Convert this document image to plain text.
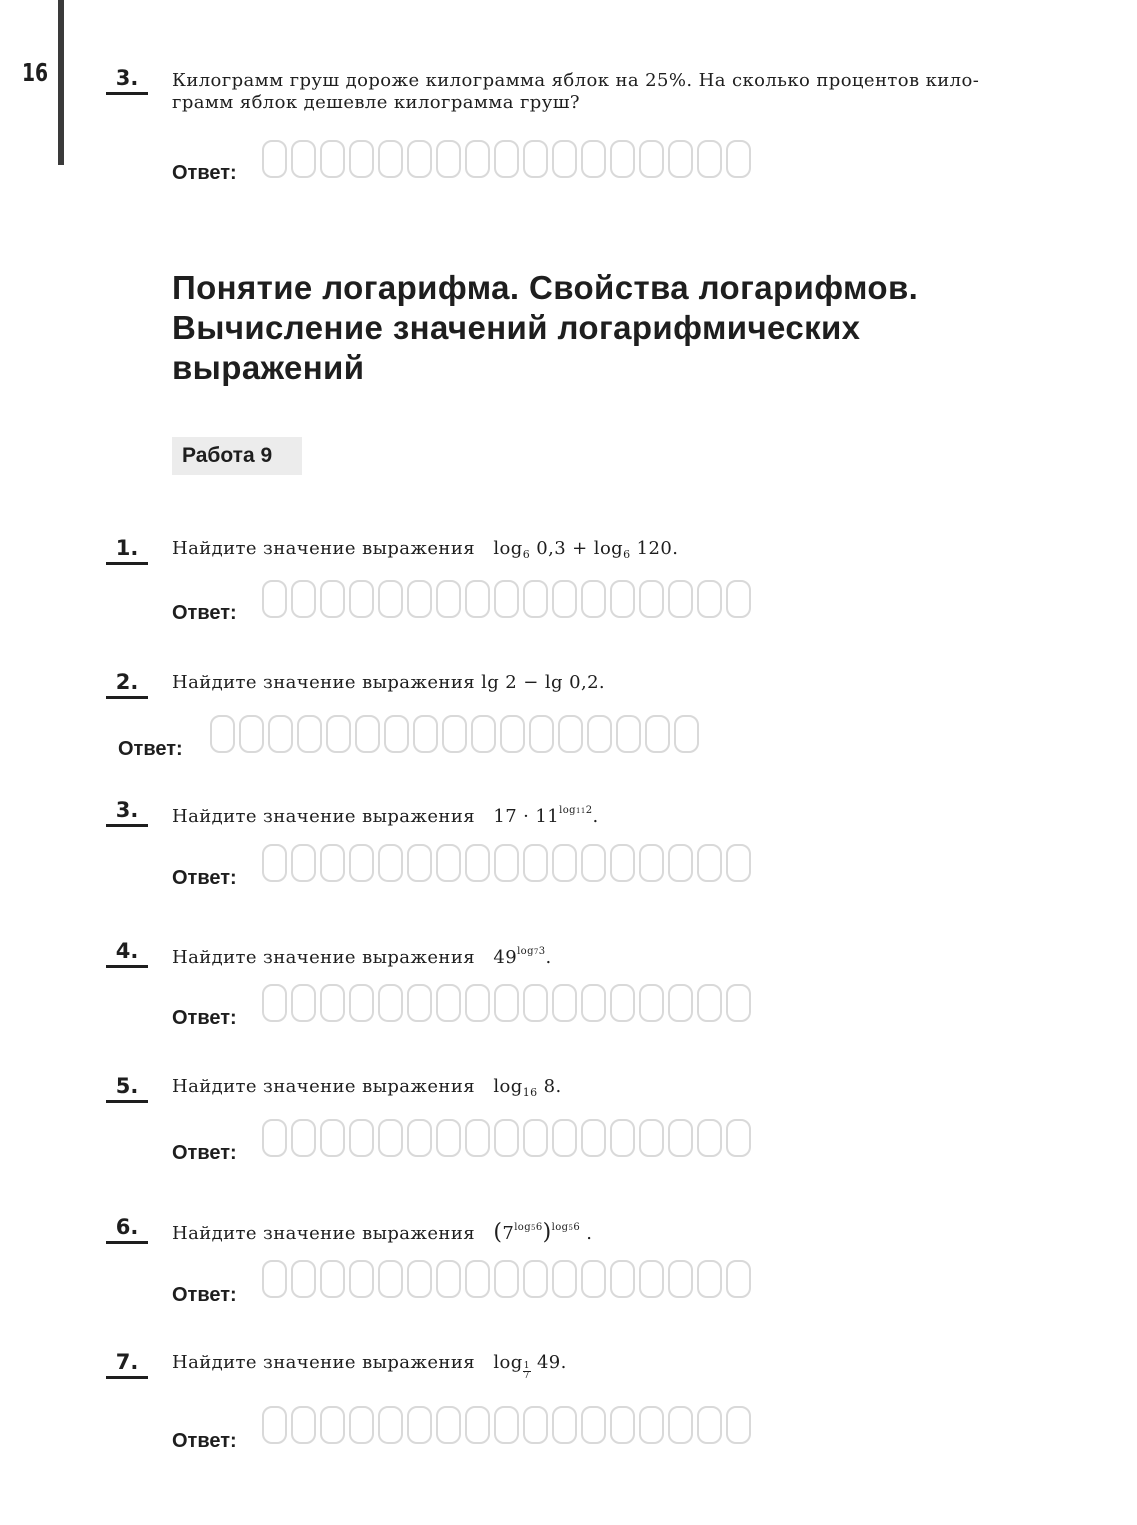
16	3.	Килограмм груш дороже килограмма яблок на 25%. На сколько процентов кило-
грамм яблок дешевле килограмма груш?
Ответ:
Понятие логарифма. Свойства логарифмов.
Вычисление значений логарифмических
выражений
Работа 9
1.	Найдите значение выражения $\log_6 0,3 + \log_6 120$.
Ответ:
2.	Найдите значение выражения lg 2 − lg 0,2.
Ответ:
3.	Найдите значение выражения $17 \cdot 11^{log112}$.
Ответ:
4.	Найдите значение выражения $49^{log73}$.
Ответ:
5.	Найдите значение выражения $\log_{16} 8$.
Ответ:
6.	Найдите значение выражения $(7^{log56})^{log56}$ .
Ответ:
7.	Найдите значение выражения $\log \frac{1}{7} 49$.
Ответ:
